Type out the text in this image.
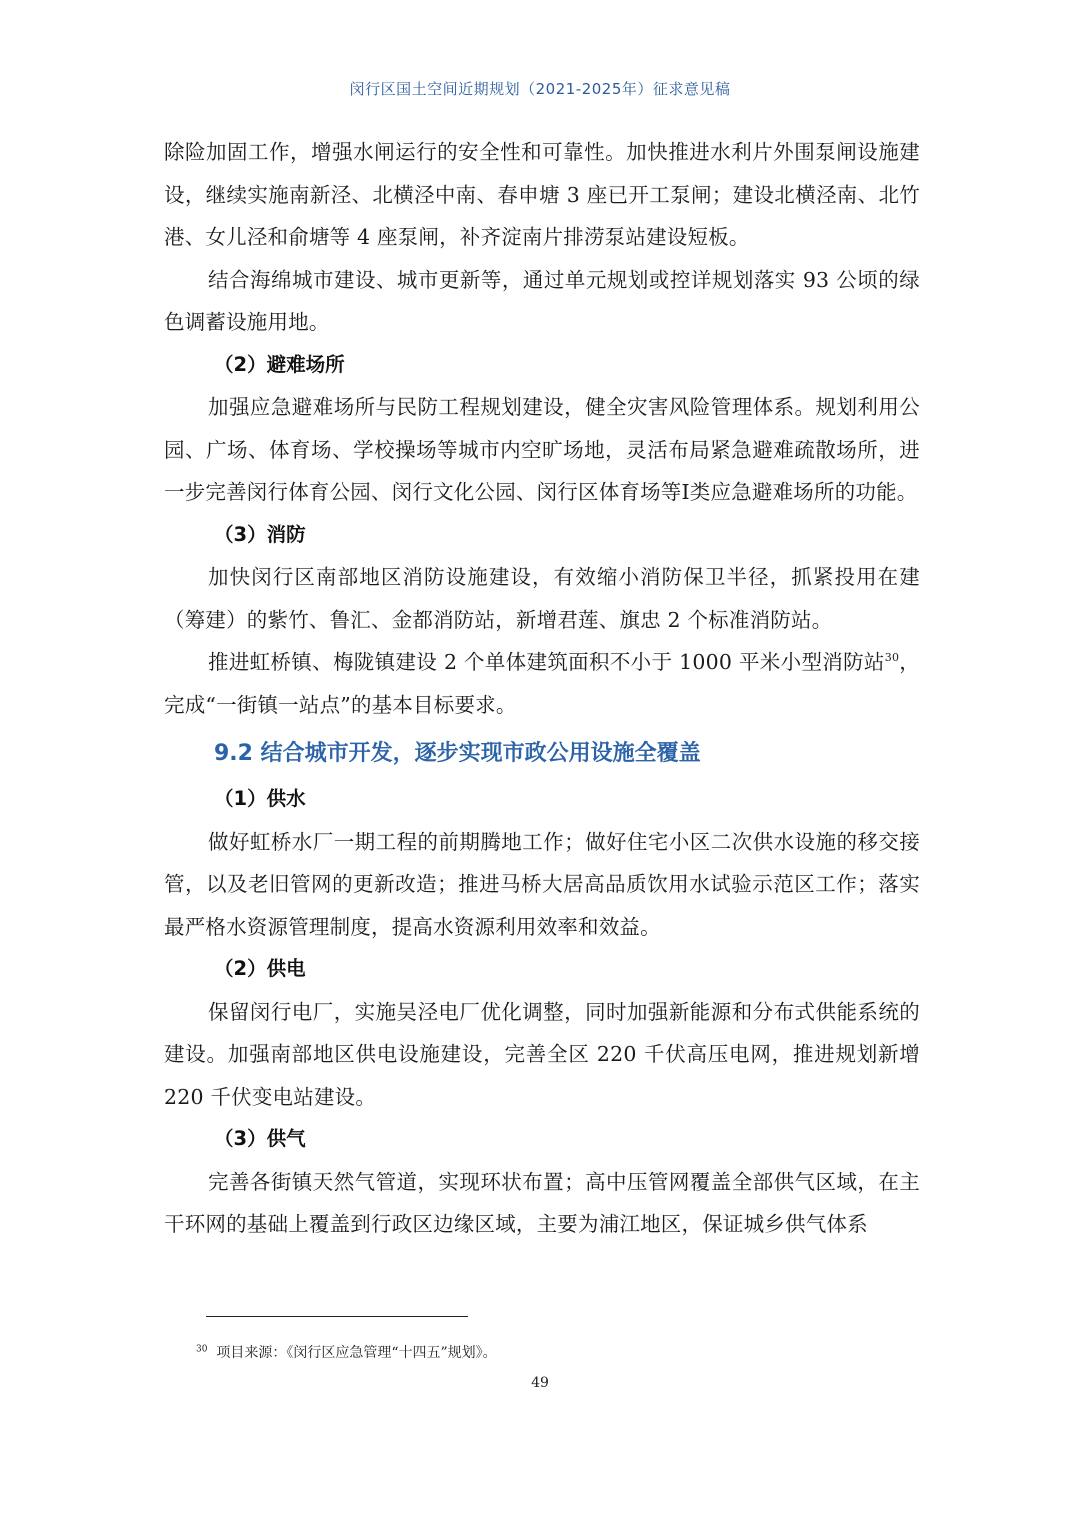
闵行区国土空间近期规划（2021-2025年）征求意见稿

除险加固工作，增强水闸运行的安全性和可靠性。加快推进水利片外围泵闸设施建设，继续实施南新泾、北横泾中南、春申塘 3 座已开工泵闸；建设北横泾南、北竹港、女儿泾和俞塘等 4 座泵闸，补齐淀南片排涝泵站建设短板。

结合海绵城市建设、城市更新等，通过单元规划或控详规划落实 93 公顷的绿色调蓄设施用地。

（2）避难场所

加强应急避难场所与民防工程规划建设，健全灾害风险管理体系。规划利用公园、广场、体育场、学校操场等城市内空旷场地，灵活布局紧急避难疏散场所，进一步完善闵行体育公园、闵行文化公园、闵行区体育场等Ⅰ类应急避难场所的功能。

（3）消防

加快闵行区南部地区消防设施建设，有效缩小消防保卫半径，抓紧投用在建（筹建）的紫竹、鲁汇、金都消防站，新增君莲、旗忠 2 个标准消防站。

推进虹桥镇、梅陇镇建设 2 个单体建筑面积不小于 1000 平米小型消防站$^{30}$，完成“一街镇一站点”的基本目标要求。

9.2 结合城市开发，逐步实现市政公用设施全覆盖

（1）供水

做好虹桥水厂一期工程的前期腾地工作；做好住宅小区二次供水设施的移交接管，以及老旧管网的更新改造；推进马桥大居高品质饮用水试验示范区工作；落实最严格水资源管理制度，提高水资源利用效率和效益。

（2）供电

保留闵行电厂，实施吴泾电厂优化调整，同时加强新能源和分布式供能系统的建设。加强南部地区供电设施建设，完善全区 220 千伏高压电网，推进规划新增 220 千伏变电站建设。

（3）供气

完善各街镇天然气管道，实现环状布置；高中压管网覆盖全部供气区域，在主干环网的基础上覆盖到行政区边缘区域，主要为浦江地区，保证城乡供气体系

$^{30}$ 项目来源：《闵行区应急管理“十四五”规划》。
49
